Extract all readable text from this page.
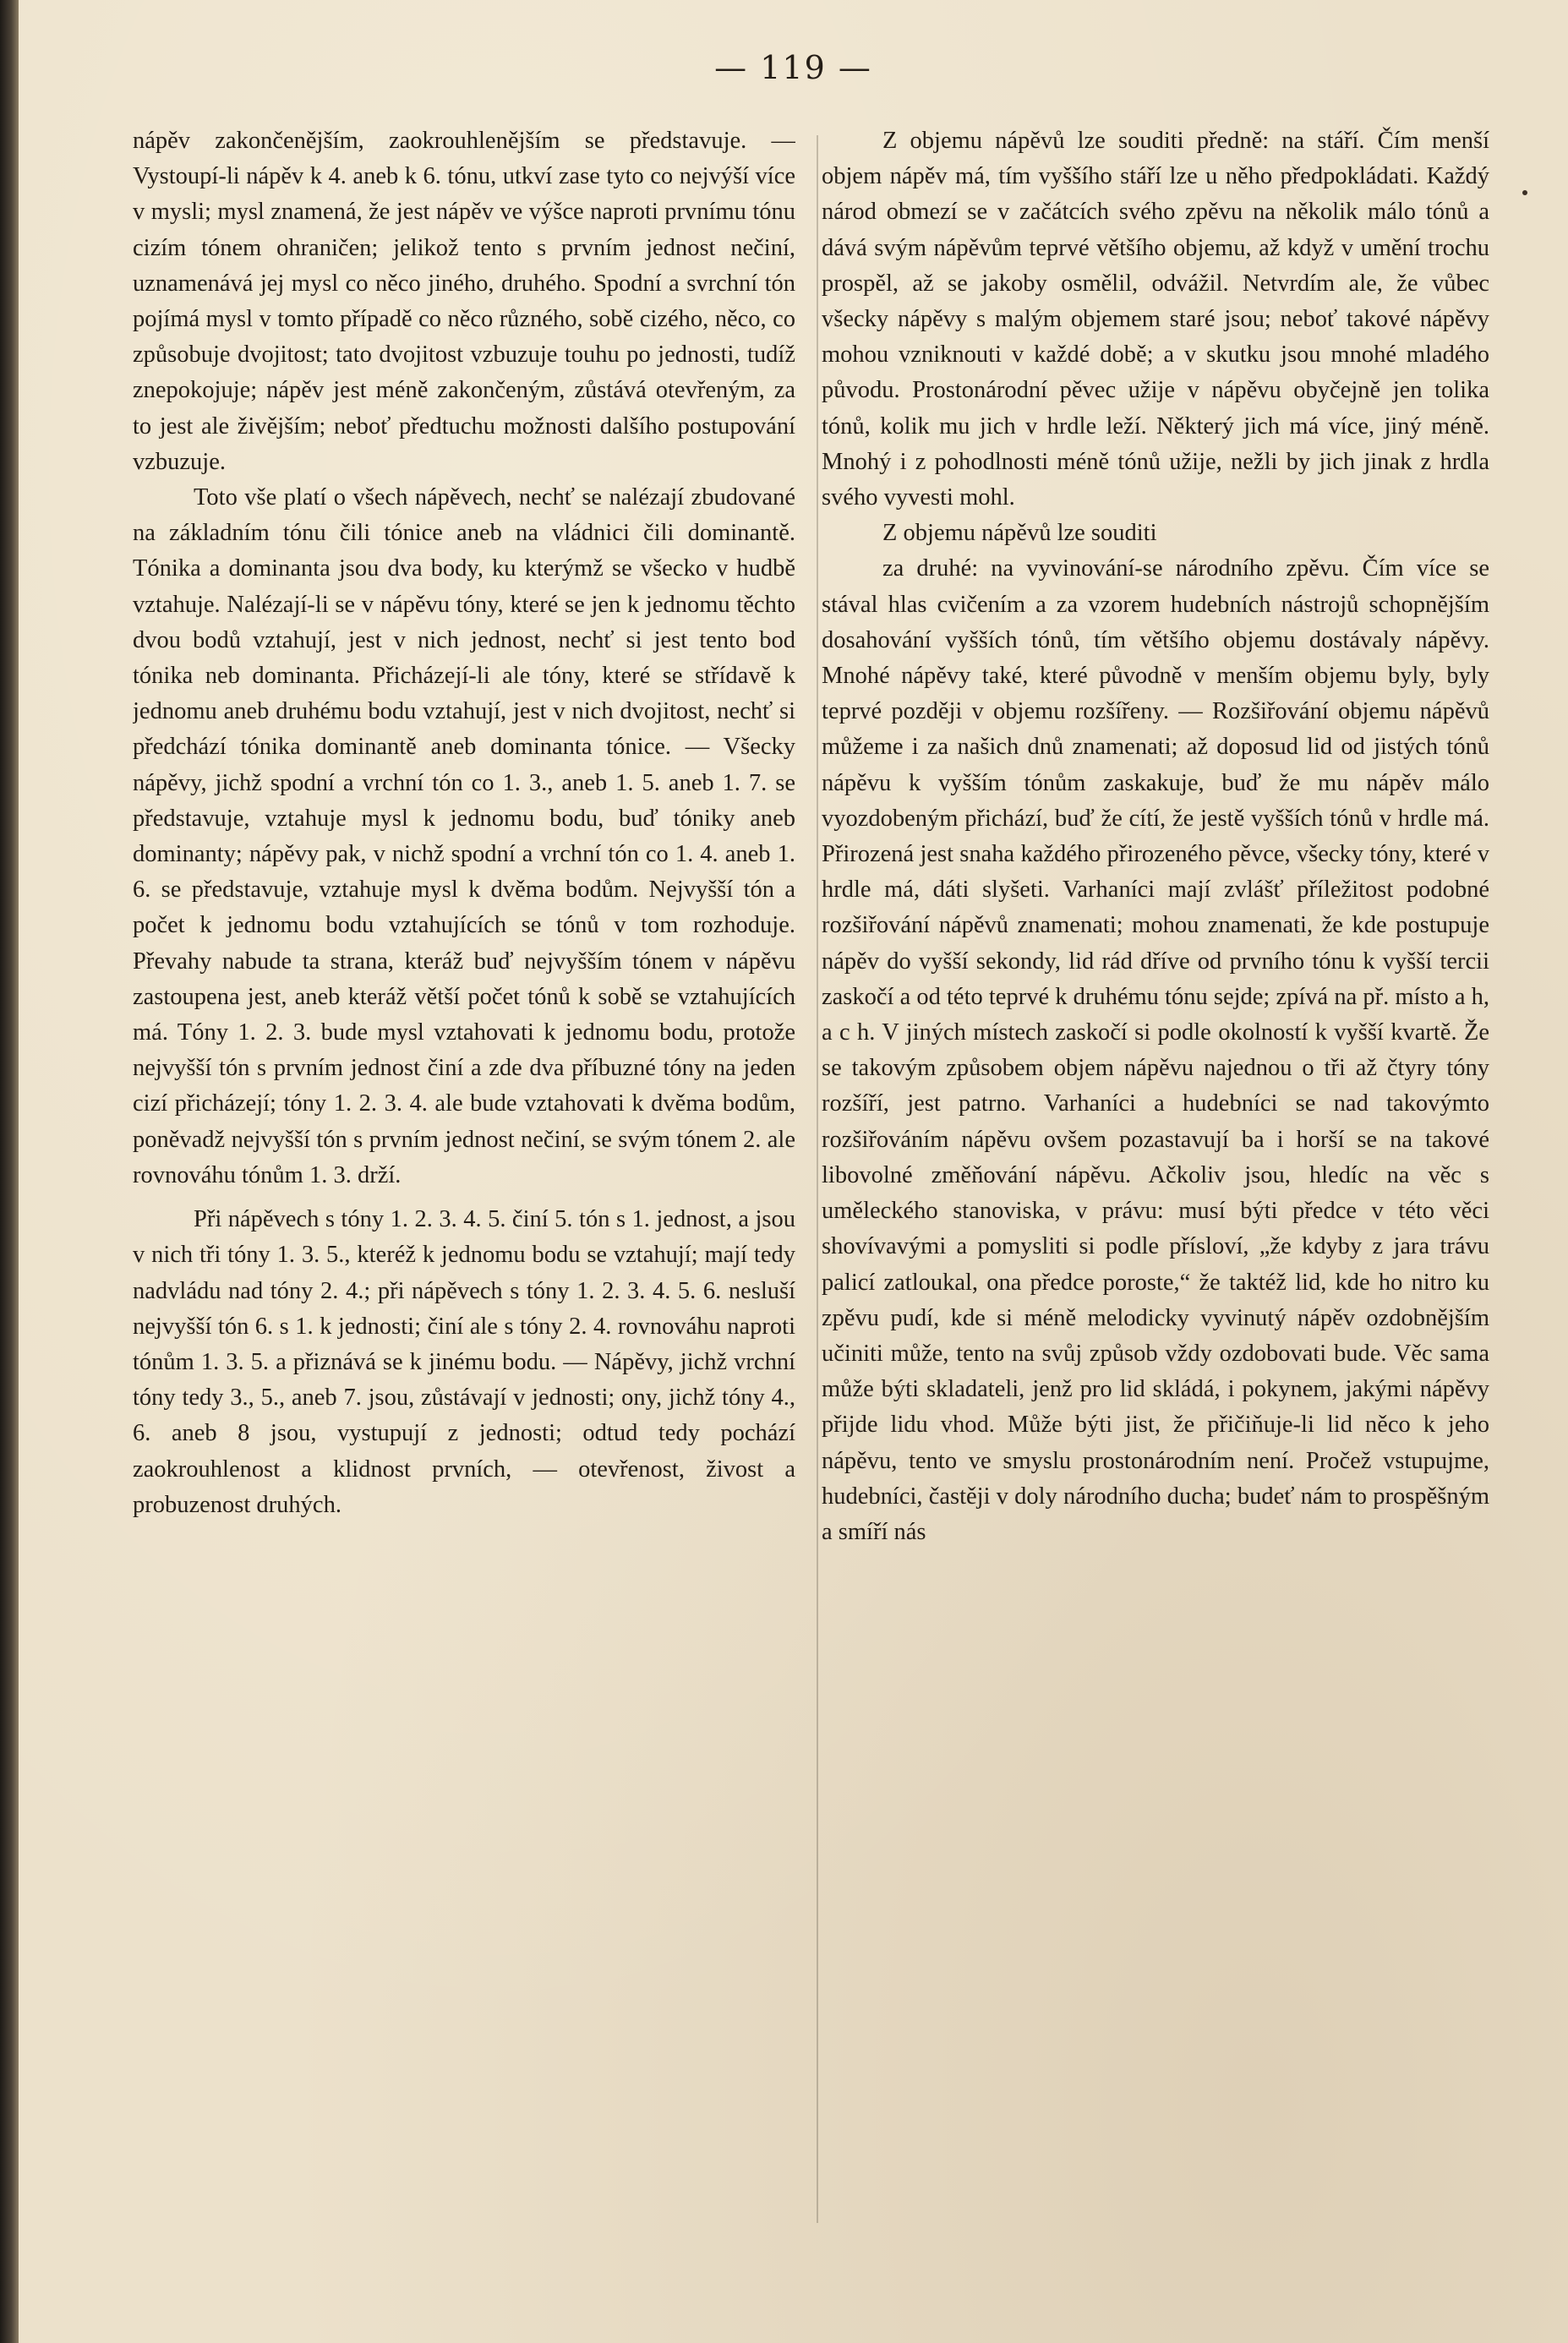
— 119 —

nápěv zakončenějším, zaokrouhlenějším se představuje. — Vystoupí-li nápěv k 4. aneb k 6. tónu, utkví zase tyto co nejvýší více v mysli; mysl znamená, že jest nápěv ve výšce naproti prvnímu tónu cizím tónem ohraničen; jelikož tento s prvním jednost nečiní, uznamenává jej mysl co něco jiného, druhého. Spodní a svrchní tón pojímá mysl v tomto případě co něco různého, sobě cizého, něco, co způsobuje dvojitost; tato dvojitost vzbuzuje touhu po jednosti, tudíž znepokojuje; nápěv jest méně zakončeným, zůstává otevřeným, za to jest ale živějším; neboť předtuchu možnosti dalšího postupování vzbuzuje.

Toto vše platí o všech nápěvech, nechť se nalézají zbudované na základním tónu čili tónice aneb na vládnici čili dominantě. Tónika a dominanta jsou dva body, ku kterýmž se všecko v hudbě vztahuje. Nalézají-li se v nápěvu tóny, které se jen k jednomu těchto dvou bodů vztahují, jest v nich jednost, nechť si jest tento bod tónika neb dominanta. Přicházejí-li ale tóny, které se střídavě k jednomu aneb druhému bodu vztahují, jest v nich dvojitost, nechť si předchází tónika dominantě aneb dominanta tónice. — Všecky nápěvy, jichž spodní a vrchní tón co 1. 3., aneb 1. 5. aneb 1. 7. se představuje, vztahuje mysl k jednomu bodu, buď tóniky aneb dominanty; nápěvy pak, v nichž spodní a vrchní tón co 1. 4. aneb 1. 6. se představuje, vztahuje mysl k dvěma bodům. Nejvyšší tón a počet k jednomu bodu vztahujících se tónů v tom rozhoduje. Převahy nabude ta strana, kteráž buď nejvyšším tónem v nápěvu zastoupena jest, aneb kteráž větší počet tónů k sobě se vztahujících má. Tóny 1. 2. 3. bude mysl vztahovati k jednomu bodu, protože nejvyšší tón s prvním jednost činí a zde dva příbuzné tóny na jeden cizí přicházejí; tóny 1. 2. 3. 4. ale bude vztahovati k dvěma bodům, poněvadž nejvyšší tón s prvním jednost nečiní, se svým tónem 2. ale rovnováhu tónům 1. 3. drží.

Při nápěvech s tóny 1. 2. 3. 4. 5. činí 5. tón s 1. jednost, a jsou v nich tři tóny 1. 3. 5., kteréž k jednomu bodu se vztahují; mají tedy nadvládu nad tóny 2. 4.; při nápěvech s tóny 1. 2. 3. 4. 5. 6. nesluší nejvyšší tón 6. s 1. k jednosti; činí ale s tóny 2. 4. rovnováhu naproti tónům 1. 3. 5. a přiznává se k jinému bodu. — Nápěvy, jichž vrchní tóny tedy 3., 5., aneb 7. jsou, zůstávají v jednosti; ony, jichž tóny 4., 6. aneb 8 jsou, vystupují z jednosti; odtud tedy pochází zaokrouhlenost a klidnost prvních, — otevřenost, živost a probuzenost druhých.

Z objemu nápěvů lze souditi předně: na stáří. Čím menší objem nápěv má, tím vyššího stáří lze u něho předpokládati. Každý národ obmezí se v začátcích svého zpěvu na několik málo tónů a dává svým nápěvům teprvé většího objemu, až když v umění trochu prospěl, až se jakoby osmělil, odvážil. Netvrdím ale, že vůbec všecky nápěvy s malým objemem staré jsou; neboť takové nápěvy mohou vzniknouti v každé době; a v skutku jsou mnohé mladého původu. Prostonárodní pěvec užije v nápěvu obyčejně jen tolika tónů, kolik mu jich v hrdle leží. Některý jich má více, jiný méně. Mnohý i z pohodlnosti méně tónů užije, nežli by jich jinak z hrdla svého vyvesti mohl.

Z objemu nápěvů lze souditi

za druhé: na vyvinování-se národního zpěvu. Čím více se stával hlas cvičením a za vzorem hudebních nástrojů schopnějším dosahování vyšších tónů, tím většího objemu dostávaly nápěvy. Mnohé nápěvy také, které původně v menším objemu byly, byly teprvé později v objemu rozšířeny. — Rozšiřování objemu nápěvů můžeme i za našich dnů znamenati; až doposud lid od jistých tónů nápěvu k vyšším tónům zaskakuje, buď že mu nápěv málo vyozdobeným přichází, buď že cítí, že jestě vyšších tónů v hrdle má. Přirozená jest snaha každého přirozeného pěvce, všecky tóny, které v hrdle má, dáti slyšeti. Varhaníci mají zvlášť příležitost podobné rozšiřování nápěvů znamenati; mohou znamenati, že kde postupuje nápěv do vyšší sekondy, lid rád dříve od prvního tónu k vyšší tercii zaskočí a od této teprvé k druhému tónu sejde; zpívá na př. místo a h, a c h. V jiných místech zaskočí si podle okolností k vyšší kvartě. Že se takovým způsobem objem nápěvu najednou o tři až čtyry tóny rozšíří, jest patrno. Varhaníci a hudebníci se nad takovýmto rozšiřováním nápěvu ovšem pozastavují ba i horší se na takové libovolné změňování nápěvu. Ačkoliv jsou, hledíc na věc s uměleckého stanoviska, v právu: musí býti předce v této věci shovívavými a pomysliti si podle přísloví, „že kdyby z jara trávu palicí zatloukal, ona předce poroste,“ že taktéž lid, kde ho nitro ku zpěvu pudí, kde si méně melodicky vyvinutý nápěv ozdobnějším učiniti může, tento na svůj způsob vždy ozdobovati bude. Věc sama může býti skladateli, jenž pro lid skládá, i pokynem, jakými nápěvy přijde lidu vhod. Může býti jist, že přičiňuje-li lid něco k jeho nápěvu, tento ve smyslu prostonárodním není. Pročež vstupujme, hudebníci, častěji v doly národního ducha; budeť nám to prospěšným a smíří nás
